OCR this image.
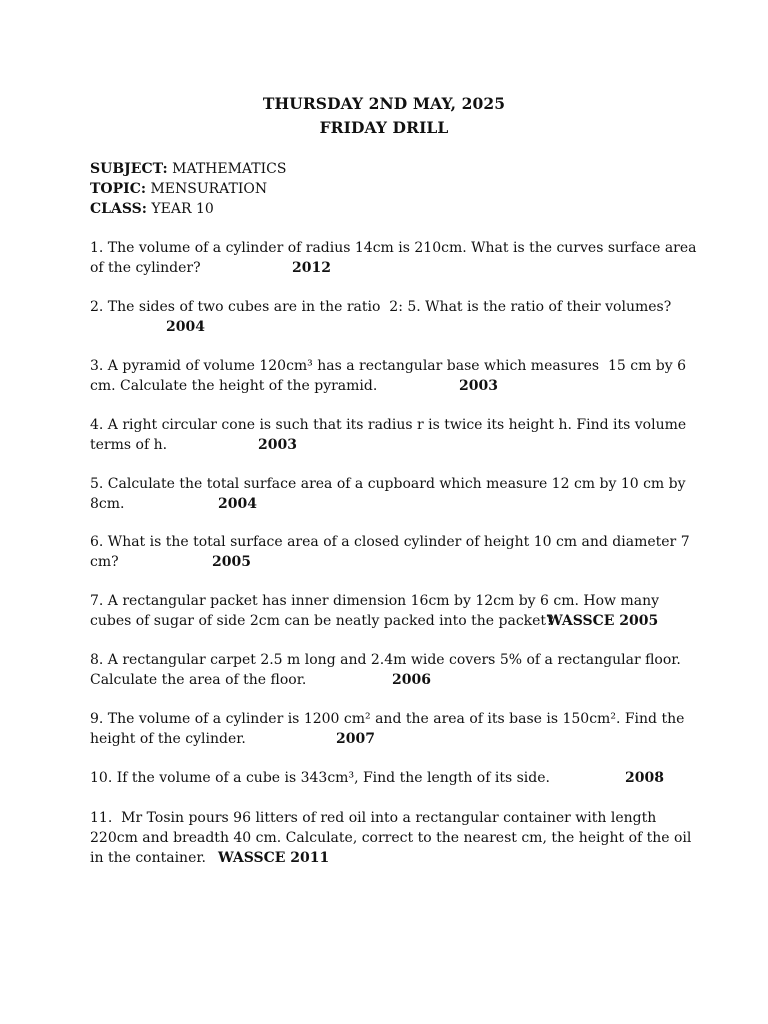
THURSDAY 2ND MAY, 2025
FRIDAY DRILL
SUBJECT: MATHEMATICS
TOPIC: MENSURATION
CLASS: YEAR 10
1. The volume of a cylinder of radius 14cm is 210cm. What is the curves surface area
of the cylinder?	2012
2. The sides of two cubes are in the ratio  2: 5. What is the ratio of their volumes?
2004
3. A pyramid of volume 120cm³ has a rectangular base which measures  15 cm by 6
cm. Calculate the height of the pyramid.	2003
4. A right circular cone is such that its radius r is twice its height h. Find its volume
terms of h.	2003
5. Calculate the total surface area of a cupboard which measure 12 cm by 10 cm by
8cm.	2004
6. What is the total surface area of a closed cylinder of height 10 cm and diameter 7
cm?	2005
7. A rectangular packet has inner dimension 16cm by 12cm by 6 cm. How many
cubes of sugar of side 2cm can be neatly packed into the packet?
WASSCE 2005
8. A rectangular carpet 2.5 m long and 2.4m wide covers 5% of a rectangular floor.
Calculate the area of the floor.	2006
9. The volume of a cylinder is 1200 cm² and the area of its base is 150cm². Find the
height of the cylinder.	2007
10. If the volume of a cube is 343cm³, Find the length of its side.	2008
11.  Mr Tosin pours 96 litters of red oil into a rectangular container with length
220cm and breadth 40 cm. Calculate, correct to the nearest cm, the height of the oil
in the container. WASSCE 2011
